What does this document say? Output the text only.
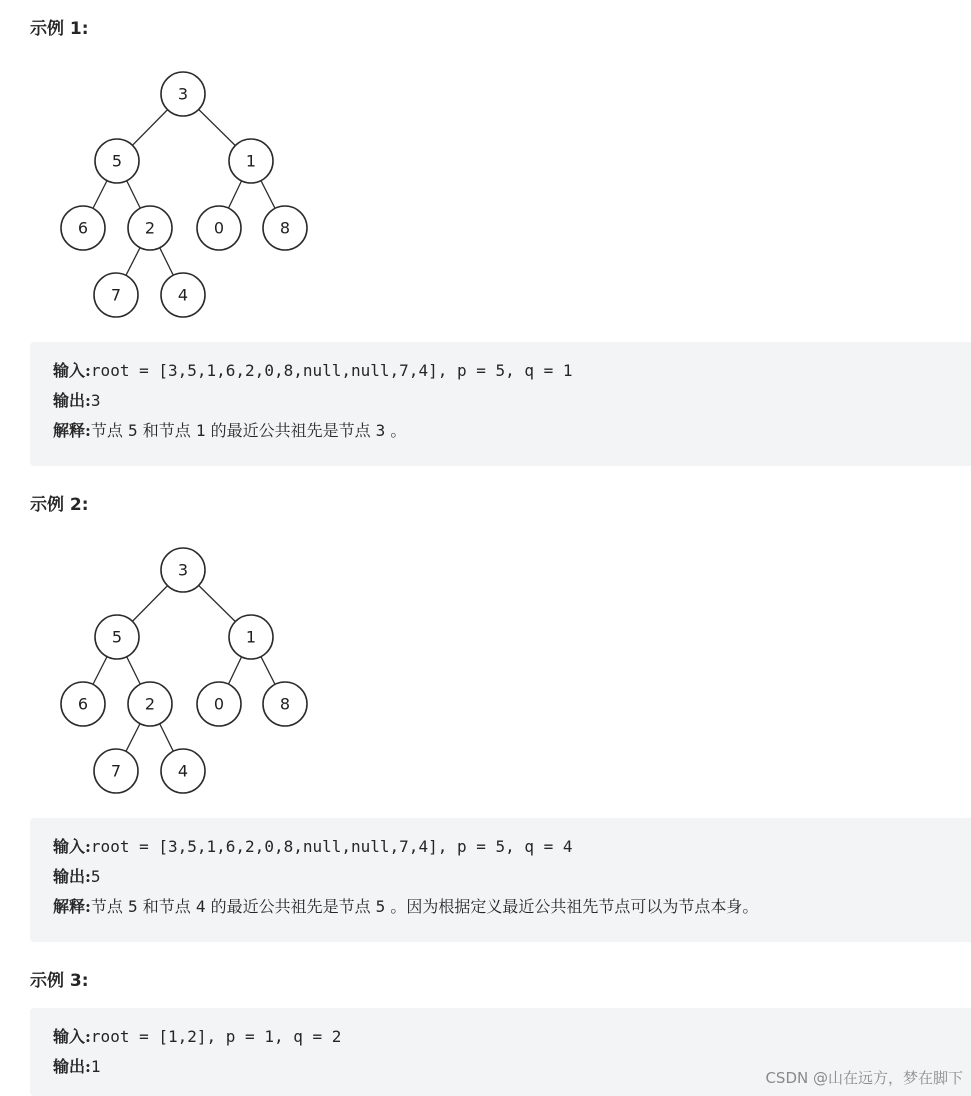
示例 1:
3
5	1
6	2	0	8
7	4
输入:root = [3,5,1,6,2,0,8,null,null,7,4], p = 5, q = 1
输出:3
解释:节点 5 和节点 1 的最近公共祖先是节点 3 。
示例 2:
3
5	1
6	2	0	8
7	4
输入:root = [3,5,1,6,2,0,8,null,null,7,4], p = 5, q = 4
输出:5
解释:节点 5 和节点 4 的最近公共祖先是节点 5 。因为根据定义最近公共祖先节点可以为节点本身。
示例 3:
输入:root = [1,2], p = 1, q = 2
输出:1
CSDN @山在远方，梦在脚下
